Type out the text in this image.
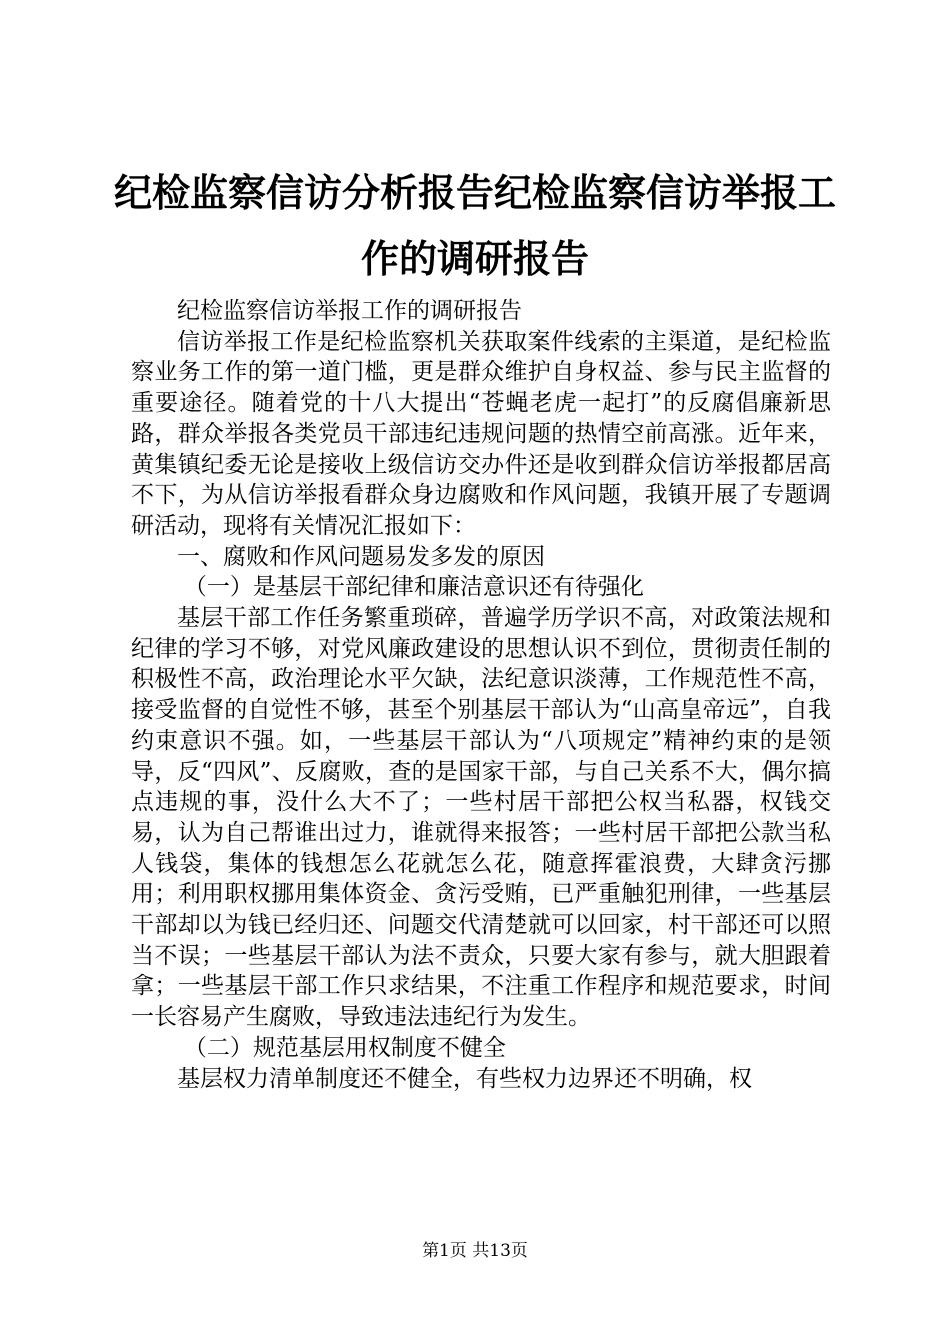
纪检监察信访分析报告纪检监察信访举报工作的调研报告

纪检监察信访举报工作的调研报告

信访举报工作是纪检监察机关获取案件线索的主渠道，是纪检监察业务工作的第一道门槛，更是群众维护自身权益、参与民主监督的重要途径。随着党的十八大提出“苍蝇老虎一起打”的反腐倡廉新思路，群众举报各类党员干部违纪违规问题的热情空前高涨。近年来，黄集镇纪委无论是接收上级信访交办件还是收到群众信访举报都居高不下，为从信访举报看群众身边腐败和作风问题，我镇开展了专题调研活动，现将有关情况汇报如下：

一、腐败和作风问题易发多发的原因

（一）是基层干部纪律和廉洁意识还有待强化

基层干部工作任务繁重琐碎，普遍学历学识不高，对政策法规和纪律的学习不够，对党风廉政建设的思想认识不到位，贯彻责任制的积极性不高，政治理论水平欠缺，法纪意识淡薄，工作规范性不高，接受监督的自觉性不够，甚至个别基层干部认为“山高皇帝远”，自我约束意识不强。如，一些基层干部认为“八项规定”精神约束的是领导，反“四风”、反腐败，查的是国家干部，与自己关系不大，偶尔搞点违规的事，没什么大不了；一些村居干部把公权当私器，权钱交易，认为自己帮谁出过力，谁就得来报答；一些村居干部把公款当私人钱袋，集体的钱想怎么花就怎么花，随意挥霍浪费，大肆贪污挪用；利用职权挪用集体资金、贪污受贿，已严重触犯刑律，一些基层干部却以为钱已经归还、问题交代清楚就可以回家，村干部还可以照当不误；一些基层干部认为法不责众，只要大家有参与，就大胆跟着拿；一些基层干部工作只求结果，不注重工作程序和规范要求，时间一长容易产生腐败，导致违法违纪行为发生。

（二）规范基层用权制度不健全

基层权力清单制度还不健全，有些权力边界还不明确，权

第1页 共13页
